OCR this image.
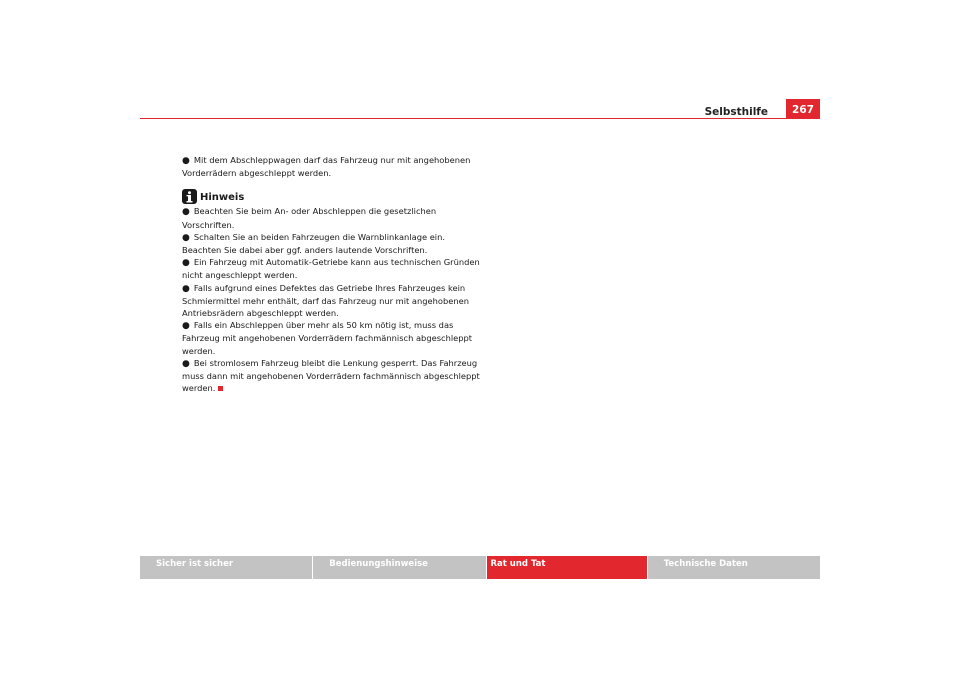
Selbsthilfe	267
● Mit dem Abschleppwagen darf das Fahrzeug nur mit angehobenen Vorderrädern abgeschleppt werden.
Hinweis
● Beachten Sie beim An- oder Abschleppen die gesetzlichen Vorschriften.
● Schalten Sie an beiden Fahrzeugen die Warnblinkanlage ein. Beachten Sie dabei aber ggf. anders lautende Vorschriften.
● Ein Fahrzeug mit Automatik-Getriebe kann aus technischen Gründen nicht angeschleppt werden.
● Falls aufgrund eines Defektes das Getriebe Ihres Fahrzeuges kein Schmiermittel mehr enthält, darf das Fahrzeug nur mit angehobenen Antriebsrädern abgeschleppt werden.
● Falls ein Abschleppen über mehr als 50 km nötig ist, muss das Fahrzeug mit angehobenen Vorderrädern fachmännisch abgeschleppt werden.
● Bei stromlosem Fahrzeug bleibt die Lenkung gesperrt. Das Fahrzeug muss dann mit angehobenen Vorderrädern fachmännisch abgeschleppt werden.
Sicher ist sicher	Bedienungshinweise	Rat und Tat	Technische Daten
